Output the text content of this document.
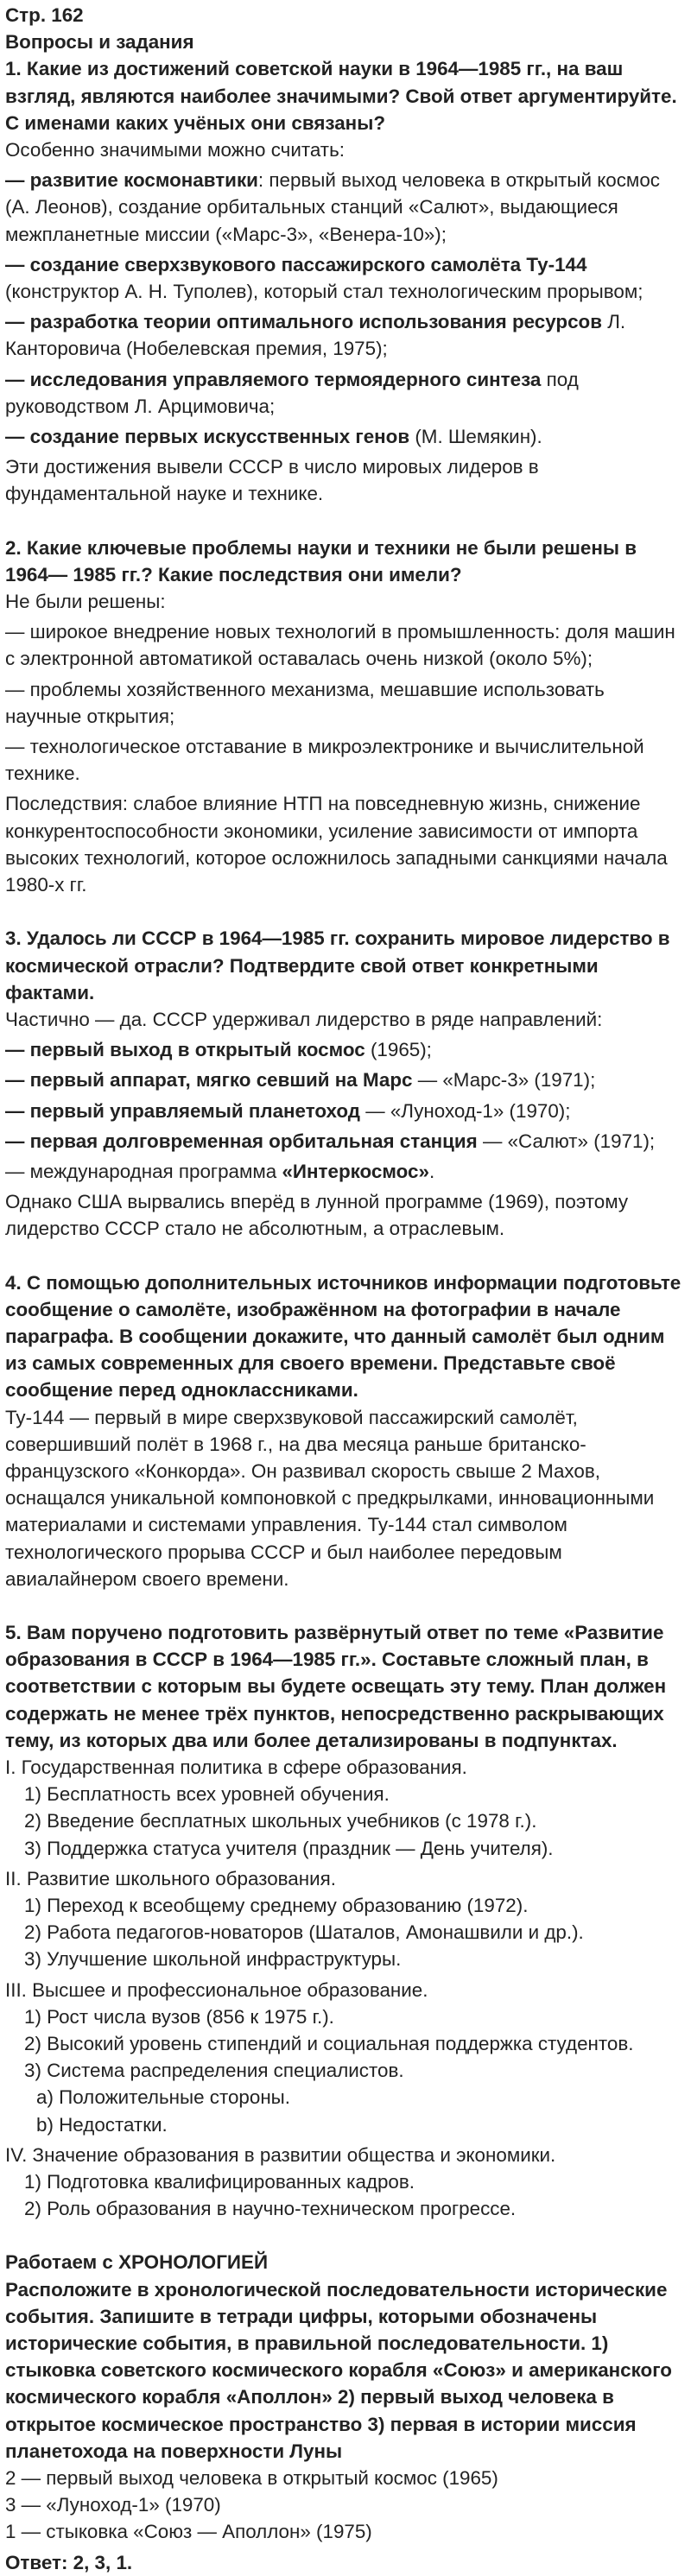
Стр. 162

Вопросы и задания

1. Какие из достижений советской науки в 1964—1985 гг., на ваш взгляд, являются наиболее значимыми? Свой ответ аргументируйте. С именами каких учёных они связаны?

Особенно значимыми можно считать:

— развитие космонавтики: первый выход человека в открытый космос (А. Леонов), создание орбитальных станций «Салют», выдающиеся межпланетные миссии («Марс-3», «Венера-10»);

— создание сверхзвукового пассажирского самолёта Ту-144 (конструктор А. Н. Туполев), который стал технологическим прорывом;

— разработка теории оптимального использования ресурсов Л. Канторовича (Нобелевская премия, 1975);

— исследования управляемого термоядерного синтеза под руководством Л. Арцимовича;

— создание первых искусственных генов (М. Шемякин).

Эти достижения вывели СССР в число мировых лидеров в фундаментальной науке и технике.

2. Какие ключевые проблемы науки и техники не были решены в 1964— 1985 гг.? Какие последствия они имели?

Не были решены:

— широкое внедрение новых технологий в промышленность: доля машин с электронной автоматикой оставалась очень низкой (около 5%);

— проблемы хозяйственного механизма, мешавшие использовать научные открытия;

— технологическое отставание в микроэлектронике и вычислительной технике.

Последствия: слабое влияние НТП на повседневную жизнь, снижение конкурентоспособности экономики, усиление зависимости от импорта высоких технологий, которое осложнилось западными санкциями начала 1980-х гг.

3. Удалось ли СССР в 1964—1985 гг. сохранить мировое лидерство в космической отрасли? Подтвердите свой ответ конкретными фактами.

Частично — да. СССР удерживал лидерство в ряде направлений:

— первый выход в открытый космос (1965);

— первый аппарат, мягко севший на Марс — «Марс-3» (1971);

— первый управляемый планетоход — «Луноход-1» (1970);

— первая долговременная орбитальная станция — «Салют» (1971);

— международная программа «Интеркосмос».

Однако США вырвались вперёд в лунной программе (1969), поэтому лидерство СССР стало не абсолютным, а отраслевым.

4. С помощью дополнительных источников информации подготовьте сообщение о самолёте, изображённом на фотографии в начале параграфа. В сообщении докажите, что данный самолёт был одним из самых современных для своего времени. Представьте своё сообщение перед одноклассниками.

Ту-144 — первый в мире сверхзвуковой пассажирский самолёт, совершивший полёт в 1968 г., на два месяца раньше британско-французского «Конкорда». Он развивал скорость свыше 2 Махов, оснащался уникальной компоновкой с предкрылками, инновационными материалами и системами управления. Ту-144 стал символом технологического прорыва СССР и был наиболее передовым авиалайнером своего времени.

5. Вам поручено подготовить развёрнутый ответ по теме «Развитие образования в СССР в 1964—1985 гг.». Составьте сложный план, в соответствии с которым вы будете освещать эту тему. План должен содержать не менее трёх пунктов, непосредственно раскрывающих тему, из которых два или более детализированы в подпунктах.

I. Государственная политика в сфере образования.

1) Бесплатность всех уровней обучения.

2) Введение бесплатных школьных учебников (с 1978 г.).

3) Поддержка статуса учителя (праздник — День учителя).

II. Развитие школьного образования.

1) Переход к всеобщему среднему образованию (1972).

2) Работа педагогов-новаторов (Шаталов, Амонашвили и др.).

3) Улучшение школьной инфраструктуры.

III. Высшее и профессиональное образование.

1) Рост числа вузов (856 к 1975 г.).

2) Высокий уровень стипендий и социальная поддержка студентов.

3) Система распределения специалистов.

a) Положительные стороны.

b) Недостатки.

IV. Значение образования в развитии общества и экономики.

1) Подготовка квалифицированных кадров.

2) Роль образования в научно-техническом прогрессе.

Работаем с ХРОНОЛОГИЕЙ

Расположите в хронологической последовательности исторические события. Запишите в тетради цифры, которыми обозначены исторические события, в правильной последовательности. 1) стыковка советского космического корабля «Союз» и американского космического корабля «Аполлон» 2) первый выход человека в открытое космическое пространство 3) первая в истории миссия планетохода на поверхности Луны

2 — первый выход человека в открытый космос (1965)

3 — «Луноход-1» (1970)

1 — стыковка «Союз — Аполлон» (1975)

Ответ: 2, 3, 1.
